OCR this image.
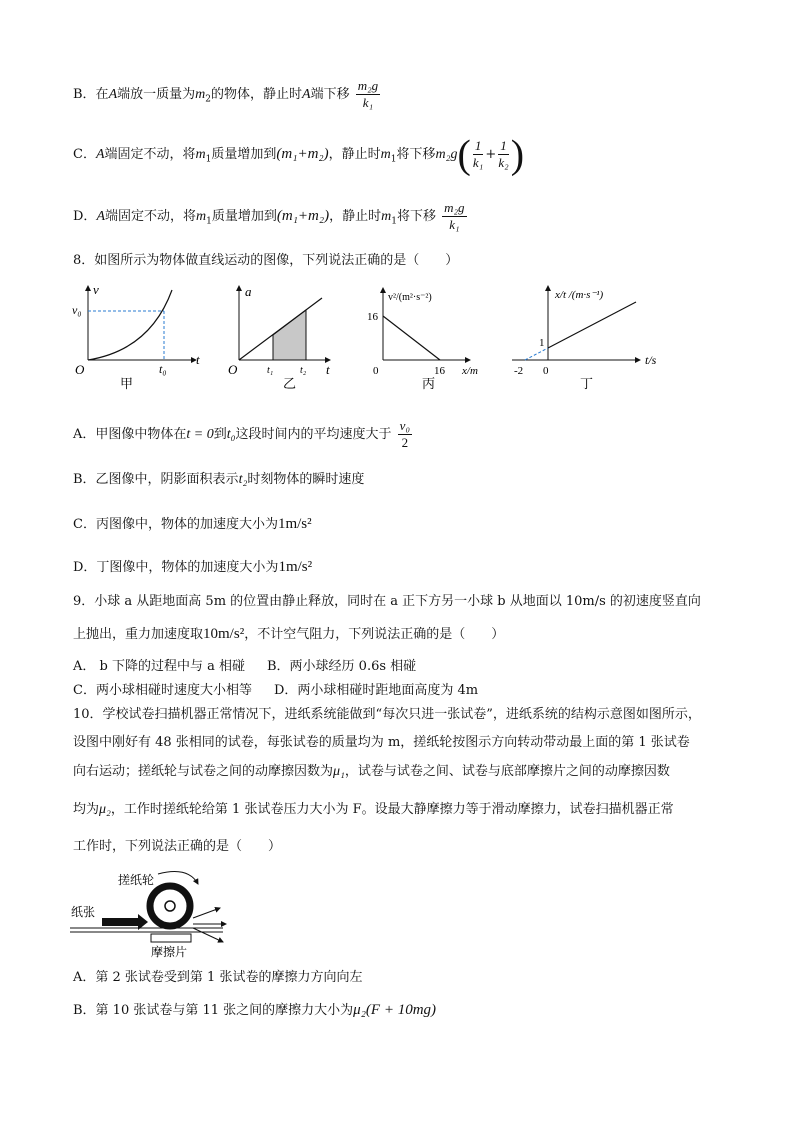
B．在A端放一质量为$m_2$的物体，静止时A端下移 $\frac{\text{m₂g}}{\text{k₁}}$
C．A端固定不动，将$m_1$质量增加到(m₁+m₂)，静止时$m_1$将下移$m_2g( \frac{1}{\text{k₁}} + \frac{1}{\text{k₂}}$ )
D．A端固定不动，将$m_1$质量增加到(m₁+m₂)，静止时$m_1$将下移 $\frac{\text{m₂g}}{\text{k₁}}$
8．如图所示为物体做直线运动的图像，下列说法正确的是（　　）
v
v₀
O
t
t₀
甲
a
O	t₁	t₂ t
乙
v²/(m²·s⁻²)
16
0	16 x/m
丙
x/t /(m·s⁻¹)
1
-2 0
t/s
丁
A．甲图像中物体在t = 0到t₀这段时间内的平均速度大于 $\frac{\text{v₀}}{2}$
B．乙图像中，阴影面积表示t₂时刻物体的瞬时速度
C．丙图像中，物体的加速度大小为1m/s²
D．丁图像中，物体的加速度大小为1m/s²
9．小球 a 从距地面高 5m 的位置由静止释放，同时在 a 正下方另一小球 b 从地面以 10m/s 的初速度竖直向
上抛出，重力加速度取10m/s²，不计空气阻力，下列说法正确的是（　　）
A． b 下降的过程中与 a 相碰 B．两小球经历 0.6s 相碰
C．两小球相碰时速度大小相等 D．两小球相碰时距地面高度为 4m
10．学校试卷扫描机器正常情况下，进纸系统能做到“每次只进一张试卷”，进纸系统的结构示意图如图所示，
设图中刚好有 48 张相同的试卷，每张试卷的质量均为 m，搓纸轮按图示方向转动带动最上面的第 1 张试卷
向右运动；搓纸轮与试卷之间的动摩擦因数为μ₁，试卷与试卷之间、试卷与底部摩擦片之间的动摩擦因数
均为μ₂，工作时搓纸轮给第 1 张试卷压力大小为 F。设最大静摩擦力等于滑动摩擦力，试卷扫描机器正常
工作时，下列说法正确的是（　　）
搓纸轮
纸张
摩擦片
A．第 2 张试卷受到第 1 张试卷的摩擦力方向向左
B．第 10 张试卷与第 11 张之间的摩擦力大小为μ₂(F + 10mg)
